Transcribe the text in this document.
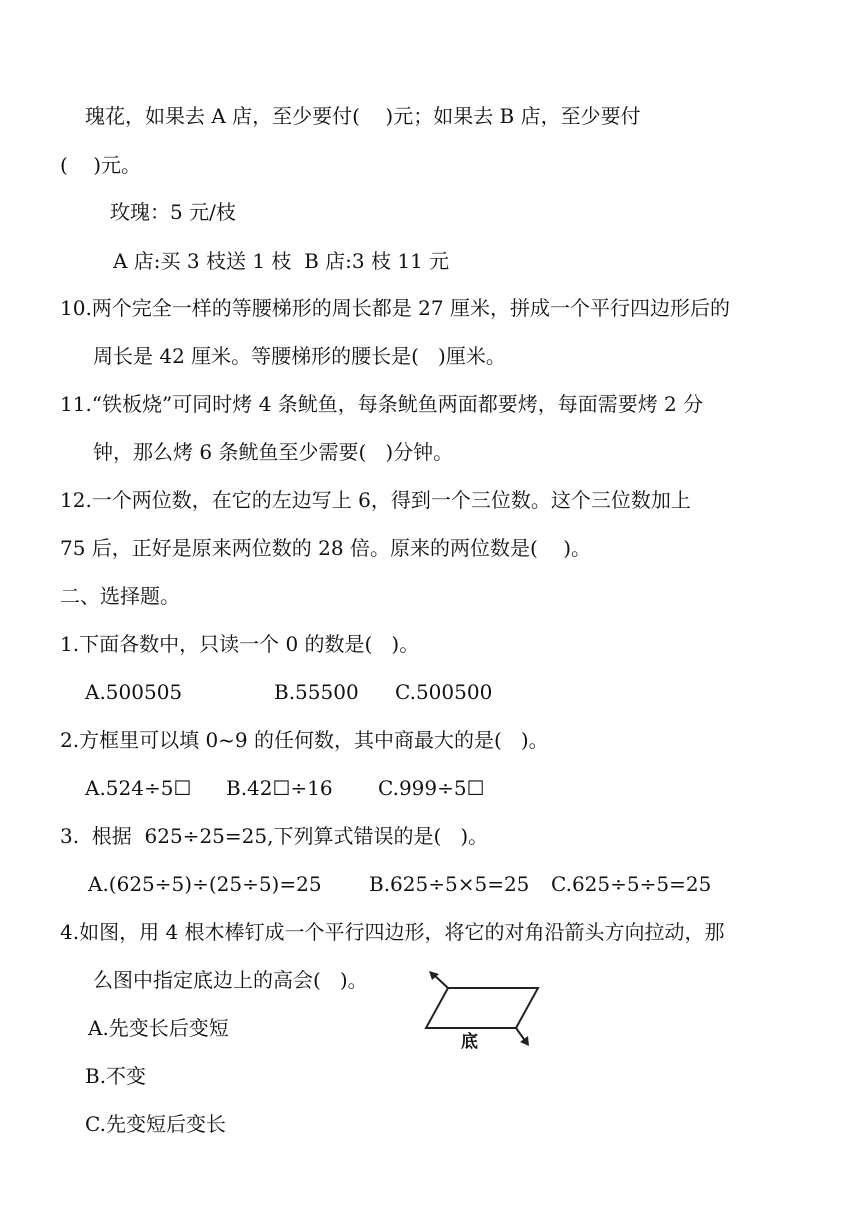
瑰花，如果去 A 店，至少要付(    )元；如果去 B 店，至少要付
(    )元。
玫瑰：5 元/枝
A 店:买 3 枝送 1 枝  B 店:3 枝 11 元
10.两个完全一样的等腰梯形的周长都是 27 厘米，拼成一个平行四边形后的
周长是 42 厘米。等腰梯形的腰长是(   )厘米。
11.“铁板烧”可同时烤 4 条鱿鱼，每条鱿鱼两面都要烤，每面需要烤 2 分
钟，那么烤 6 条鱿鱼至少需要(   )分钟。
12.一个两位数，在它的左边写上 6，得到一个三位数。这个三位数加上
75 后，正好是原来两位数的 28 倍。原来的两位数是(    )。
二、选择题。
1.下面各数中，只读一个 0 的数是(   )。
A.500505	B.55500 C.500500
2.方框里可以填 0~9 的任何数，其中商最大的是(   )。
A.524÷5☐ B.42☐÷16 C.999÷5☐
3.  根据  625÷25=25,下列算式错误的是(   )。
A.(625÷5)÷(25÷5)=25 B.625÷5×5=25 C.625÷5÷5=25
4.如图，用 4 根木棒钉成一个平行四边形，将它的对角沿箭头方向拉动，那
么图中指定底边上的高会(   )。
A.先变长后变短
B.不变
C.先变短后变长
底
